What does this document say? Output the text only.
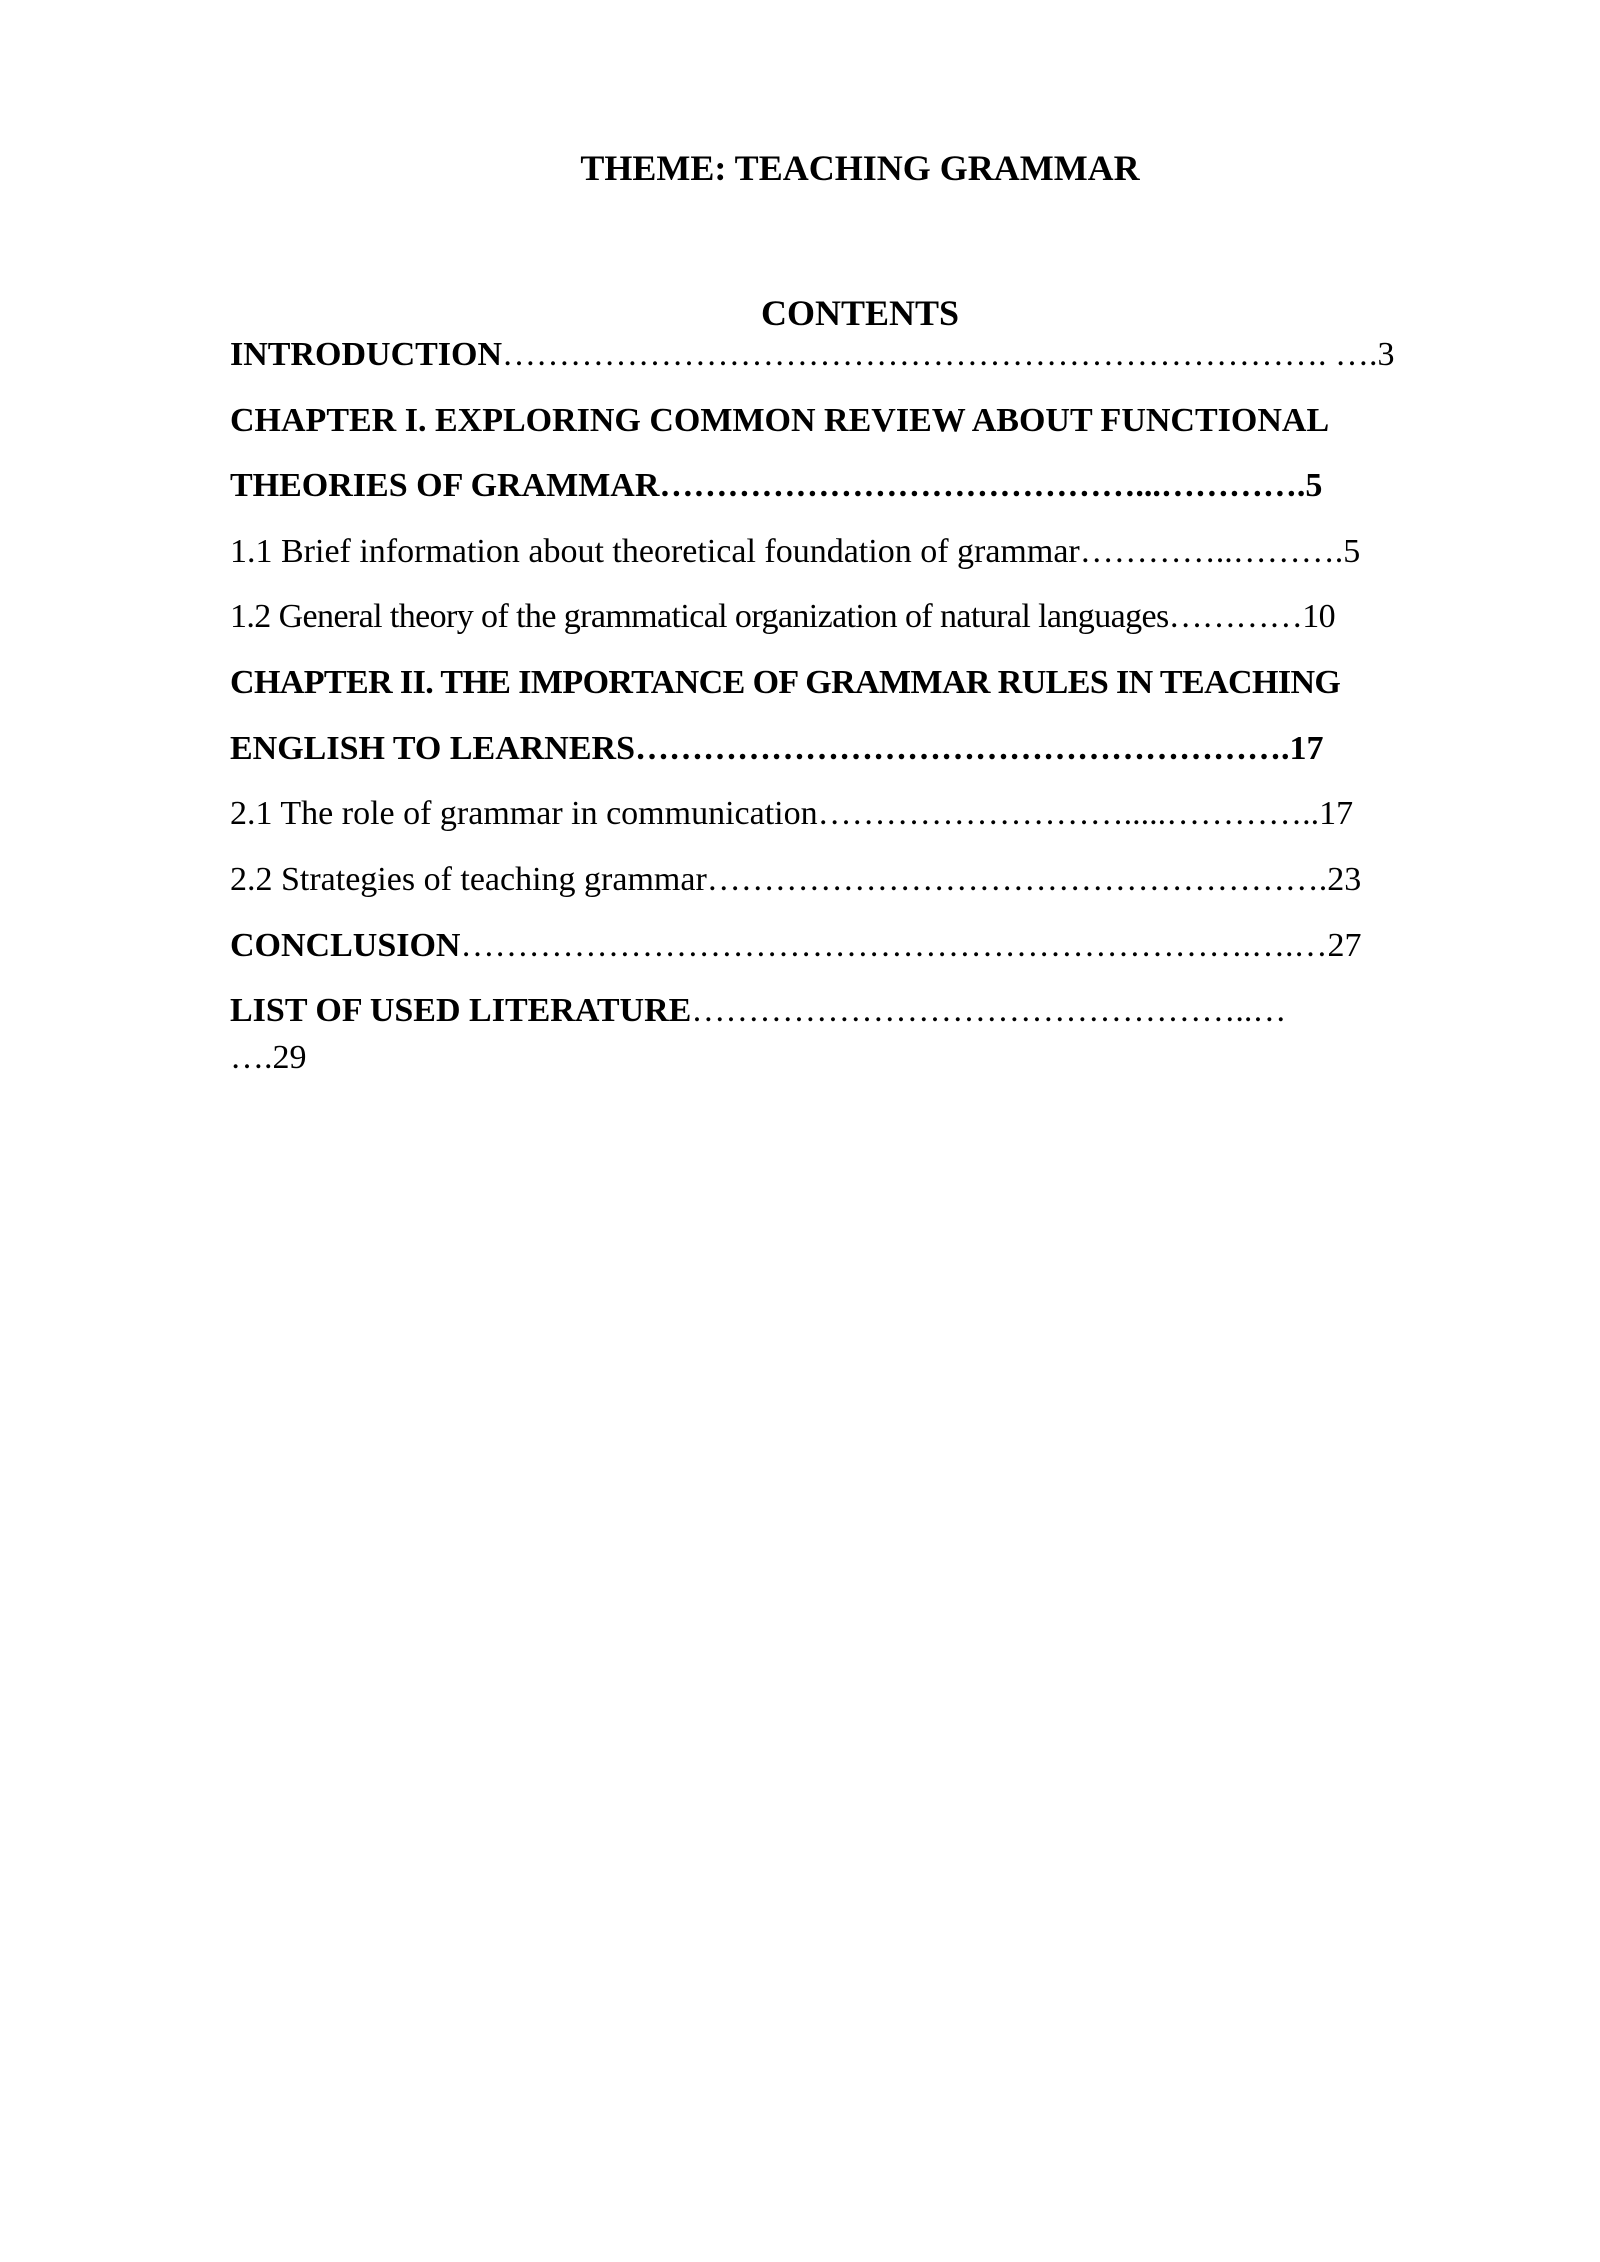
THEME: TEACHING GRAMMAR
CONTENTS
INTRODUCTION………………………………………………………………. ….3
CHAPTER I. EXPLORING COMMON REVIEW ABOUT FUNCTIONAL
THEORIES OF GRAMMAR……………………………………...………….5
1.1 Brief information about theoretical foundation of grammar…………..……….5
1.2 General theory of the grammatical organization of natural languages…………10
CHAPTER II. THE IMPORTANCE OF GRAMMAR RULES IN TEACHING
ENGLISH TO LEARNERS………………………………………………….17
2.1 The role of grammar in communication……………………….....…………..17
2.2 Strategies of teaching grammar……………………………………………….23
CONCLUSION…………………………………………………………….….…27
LIST OF USED LITERATURE…………………………………………..…
….29
